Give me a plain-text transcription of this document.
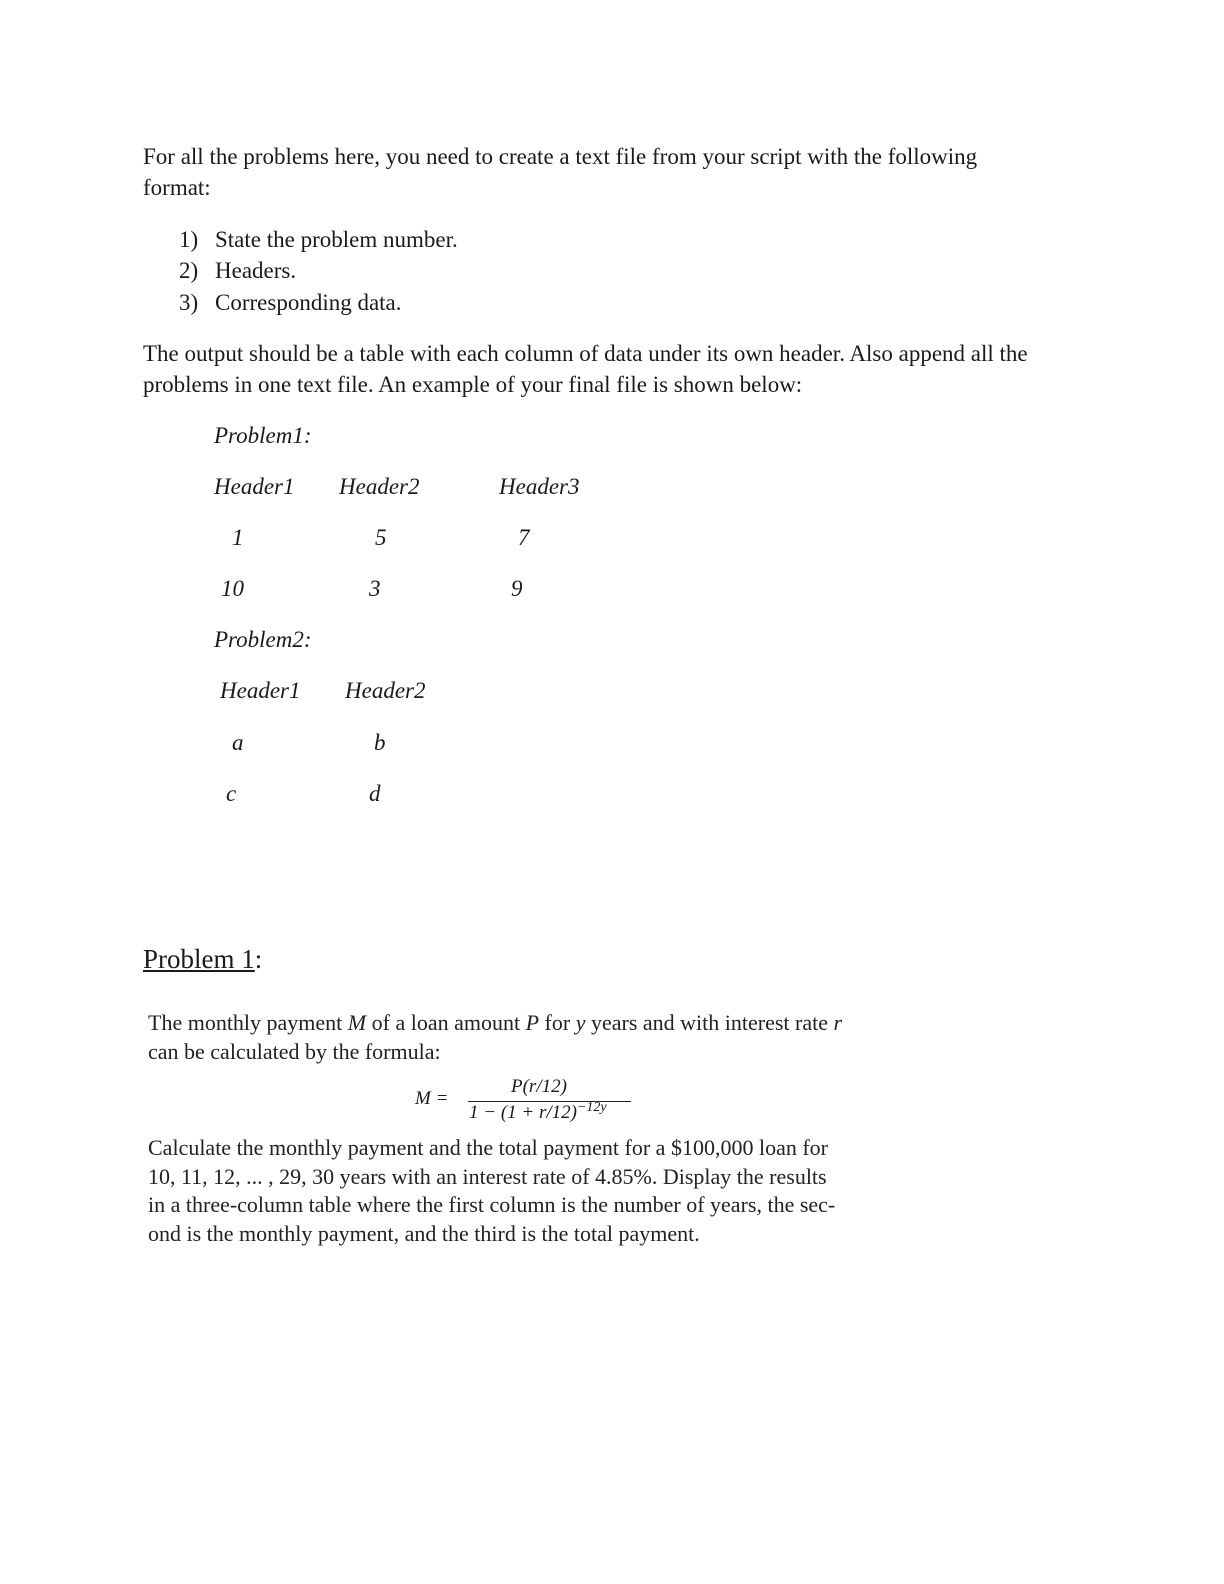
For all the problems here, you need to create a text file from your script with the following
format:
1) State the problem number.
2) Headers.
3) Corresponding data.
The output should be a table with each column of data under its own header. Also append all the
problems in one text file. An example of your final file is shown below:
Problem1:
Header1 Header2	Header3
1	5	7
10	3	9
Problem2:
Header1 Header2
a	b
c	d
Problem 1:
The monthly payment M of a loan amount P for y years and with interest rate r
can be calculated by the formula:
M =
P(r/12)
$1 - (1 + r/12)^{-12y}$
Calculate the monthly payment and the total payment for a $100,000 loan for
10, 11, 12, ... , 29, 30 years with an interest rate of 4.85%. Display the results
in a three-column table where the first column is the number of years, the sec-
ond is the monthly payment, and the third is the total payment.
